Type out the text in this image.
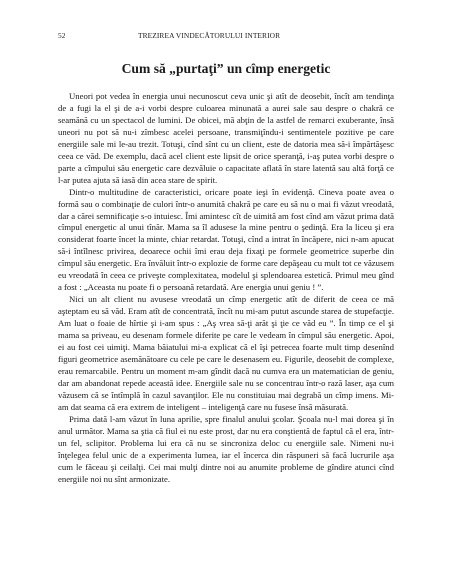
52	TREZIREA VINDECĂTORULUI INTERIOR
Cum să „purtaţi” un cîmp energetic

Uneori pot vedea în energia unui necunoscut ceva unic şi atît de deosebit, încît am tendinţa de a fugi la el şi de a-i vorbi despre culoarea minunată a aurei sale sau despre o chakră ce seamănă cu un spectacol de lumini. De obicei, mă abţin de la astfel de remarci exuberante, însă uneori nu pot să nu-i zîmbesc acelei persoane, transmiţîndu-i sentimentele pozitive pe care energiile sale mi le-au trezit. Totuşi, cînd sînt cu un client, este de datoria mea să-i împărtăşesc ceea ce văd. De exemplu, dacă acel client este lipsit de orice speranţă, i-aş putea vorbi despre o parte a cîmpului său energetic care dezvăluie o capacitate aflată în stare latentă sau altă forţă ce l-ar putea ajuta să iasă din acea stare de spirit.

Dintr-o multitudine de caracteristici, oricare poate ieşi în evidenţă. Cineva poate avea o formă sau o combinaţie de culori într-o anumită chakră pe care eu să nu o mai fi văzut vreodată, dar a cărei semnificaţie s-o intuiesc. Îmi amintesc cît de uimită am fost cînd am văzut prima dată cîmpul energetic al unui tînăr. Mama sa îl adusese la mine pentru o şedinţă. Era la liceu şi era considerat foarte încet la minte, chiar retardat. Totuşi, cînd a intrat în încăpere, nici n-am apucat să-i întîlnesc privirea, deoarece ochii îmi erau deja fixaţi pe formele geometrice superbe din cîmpul său energetic. Era învăluit într-o explozie de forme care depăşeau cu mult tot ce văzusem eu vreodată în ceea ce priveşte complexitatea, modelul şi splendoarea estetică. Primul meu gînd a fost : „Aceasta nu poate fi o persoană retardată. Are energia unui geniu ! ”.

Nici un alt client nu avusese vreodată un cîmp energetic atît de diferit de ceea ce mă aşteptam eu să văd. Eram atît de concentrată, încît nu mi-am putut ascunde starea de stupefacţie. Am luat o foaie de hîrtie şi i-am spus : „Aş vrea să-ţi arăt şi ţie ce văd eu ”. În timp ce el şi mama sa priveau, eu desenam formele diferite pe care le vedeam în cîmpul său energetic. Apoi, ei au fost cei uimiţi. Mama băiatului mi-a explicat că el îşi petrecea foarte mult timp desenînd figuri geometrice asemănătoare cu cele pe care le desenasem eu. Figurile, deosebit de complexe, erau remarcabile. Pentru un moment m-am gîndit dacă nu cumva era un matematician de geniu, dar am abandonat repede această idee. Energiile sale nu se concentrau într-o rază laser, aşa cum văzusem că se întîmplă în cazul savanţilor. Ele nu constituiau mai degrabă un cîmp imens. Mi-am dat seama că era extrem de inteligent – inteligenţă care nu fusese însă măsurată.

Prima dată l-am văzut în luna aprilie, spre finalul anului şcolar. Şcoala nu-l mai dorea şi în anul următor. Mama sa ştia că fiul ei nu este prost, dar nu era conştientă de faptul că el era, într-un fel, sclipitor. Problema lui era că nu se sincroniza deloc cu energiile sale. Nimeni nu-i înţelegea felul unic de a experimenta lumea, iar el încerca din răspuneri să facă lucrurile aşa cum le făceau şi ceilalţi. Cei mai mulţi dintre noi au anumite probleme de gîndire atunci cînd energiile noi nu sînt armonizate.
